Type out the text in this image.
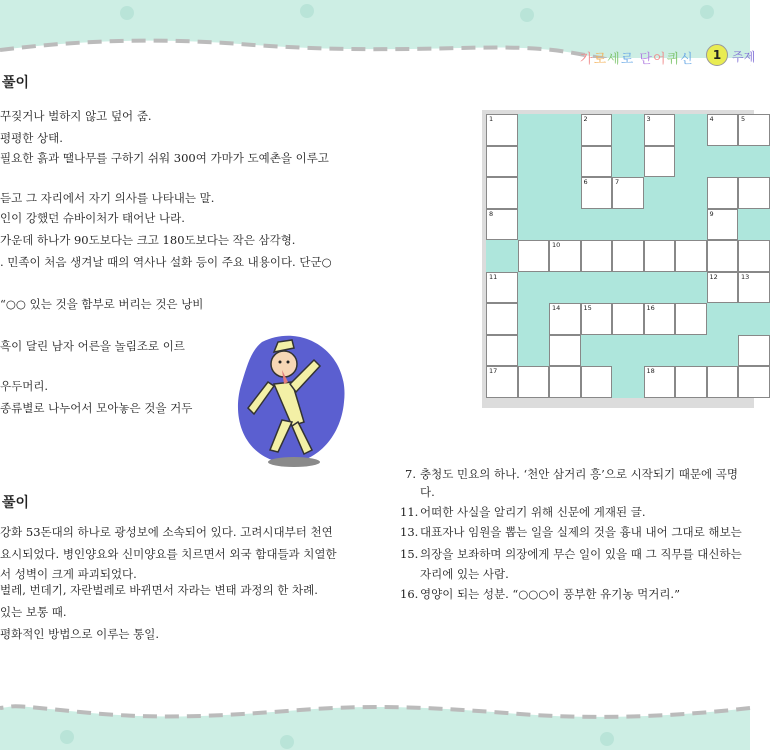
가로세로 단어퀴신	1 주제
풀이
꾸짖거나 벌하지 않고 덮어 줌.
평평한 상태.
필요한 흙과 땔나무를 구하기 쉬워 300여 가마가 도예촌을 이루고
듣고 그 자리에서 자기 의사를 나타내는 말.
인이 강했던 슈바이처가 태어난 나라.
가운데 하나가 90도보다는 크고 180도보다는 작은 삼각형.
. 민족이 처음 생겨날 때의 역사나 설화 등이 주요 내용이다. 단군○
“○○ 있는 것을 함부로 버리는 것은 낭비
흑이 달린 남자 어른을 놀림조로 이르
우두머리.
종류별로 나누어서 모아놓은 것을 거두
풀이
강화 53돈대의 하나로 광성보에 소속되어 있다. 고려시대부터 천연
요시되었다. 병인양요와 신미양요를 치르면서 외국 함대들과 치열한
서 성벽이 크게 파괴되었다.
벌레, 번데기, 자란벌레로 바뀌면서 자라는 변태 과정의 한 차례.
있는 보통 때.
평화적인 방법으로 이루는 통일.
7. 충청도 민요의 하나. ‘천안 삼거리 흥’으로 시작되기 때문에 곡명
다.
11. 어떠한 사실을 알리기 위해 신문에 게재된 글.
13. 대표자나 임원을 뽑는 일을 실제의 것을 흉내 내어 그대로 해보는
15. 의장을 보좌하며 의장에게 무슨 일이 있을 때 그 직무를 대신하는
자리에 있는 사람.
16. 영양이 되는 성분. “○○○이 풍부한 유기농 먹거리.”
1	2	3	4	5
6	7
8	9
10
11	12	13
14	15	16
17	18
